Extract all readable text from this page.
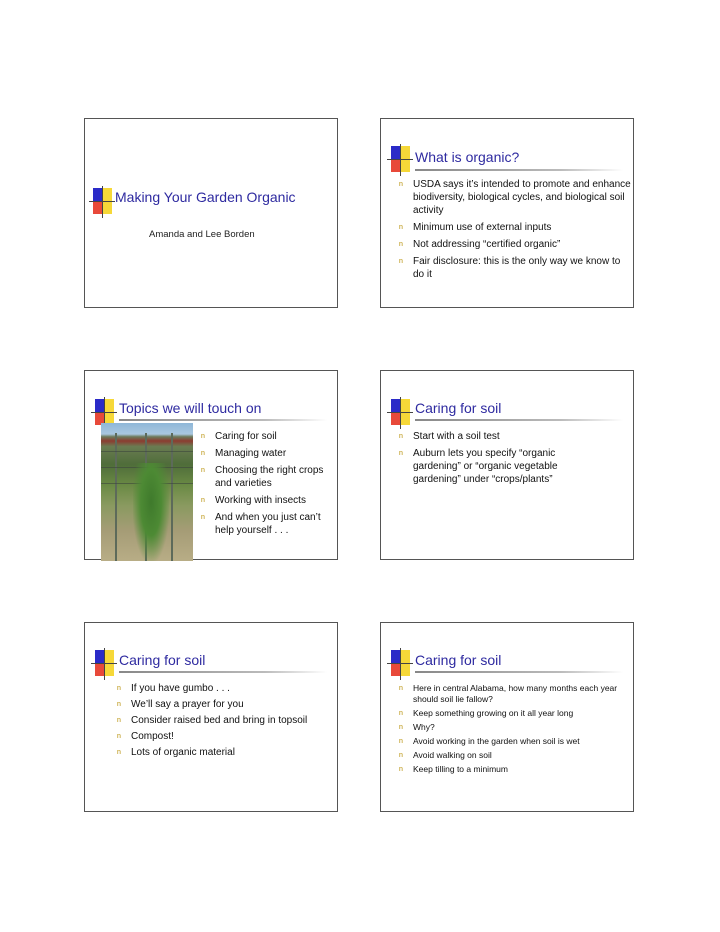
Making Your Garden Organic
Amanda and Lee Borden
What is organic?
n USDA says it’s intended to promote and enhance biodiversity, biological cycles, and biological soil activity
n Minimum use of external inputs
n Not addressing “certified organic”
n Fair disclosure: this is the only way we know to do it
Topics we will touch on
n Caring for soil
n Managing water
n Choosing the right crops and varieties
n Working with insects
n And when you just can’t help yourself . . .
Caring for soil
n Start with a soil test
n Auburn lets you specify “organic gardening” or “organic vegetable gardening” under “crops/plants”
Caring for soil
n If you have gumbo . . .
n We’ll say a prayer for you
n Consider raised bed and bring in topsoil
n Compost!
n Lots of organic material
Caring for soil
n Here in central Alabama, how many months each year should soil lie fallow?
n Keep something growing on it all year long
n Why?
n Avoid working in the garden when soil is wet
n Avoid walking on soil
n Keep tilling to a minimum
